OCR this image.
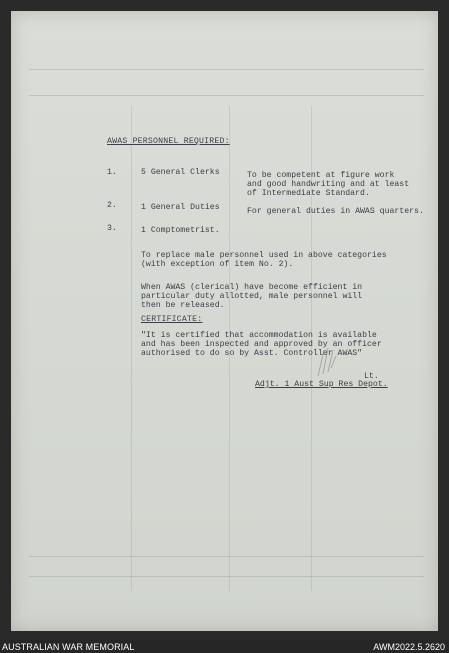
AWAS PERSONNEL REQUIRED:
1.	5 General Clerks	To be competent at figure work
and good handwriting and at least
of Intermediate Standard.
2.	1 General Duties	For general duties in AWAS quarters.
3.	1 Comptometrist.
To replace male personnel used in above categories
(with exception of item No. 2).
When AWAS (clerical) have become efficient in
particular duty allotted, male personnel will
then be released.
CERTIFICATE:
"It is certified that accommodation is available
and has been inspected and approved by an officer
authorised to do so by Asst. Controller AWAS"
Lt.
Adjt. 1 Aust Sup Res Depot.
AUSTRALIAN WAR MEMORIAL	AWM2022.5.2620
